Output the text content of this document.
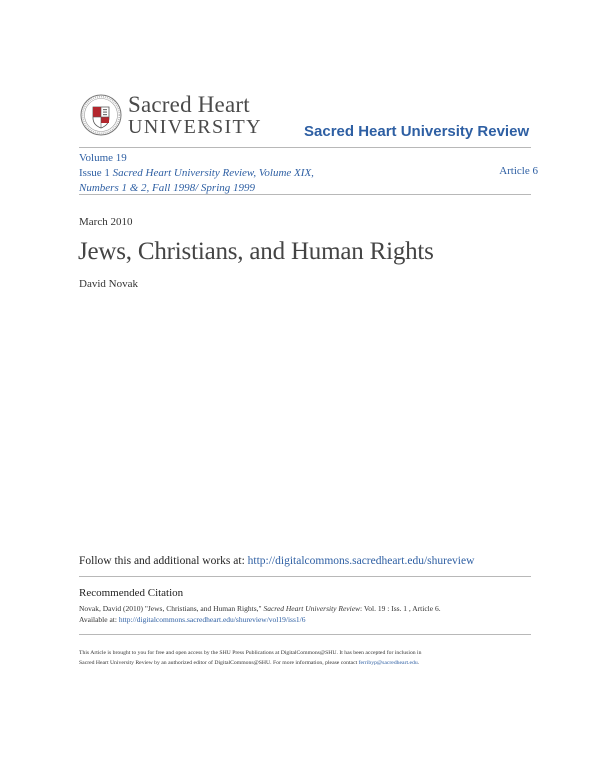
Sacred Heart
UNIVERSITY	Sacred Heart University Review
Volume 19
Issue 1 Sacred Heart University Review, Volume XIX,
Numbers 1 & 2, Fall 1998/ Spring 1999
Article 6
March 2010
Jews, Christians, and Human Rights
David Novak
Follow this and additional works at: http://digitalcommons.sacredheart.edu/shureview
Recommended Citation
Novak, David (2010) "Jews, Christians, and Human Rights," Sacred Heart University Review: Vol. 19 : Iss. 1 , Article 6.
Available at: http://digitalcommons.sacredheart.edu/shureview/vol19/iss1/6
This Article is brought to you for free and open access by the SHU Press Publications at DigitalCommons@SHU. It has been accepted for inclusion in
Sacred Heart University Review by an authorized editor of DigitalCommons@SHU. For more information, please contact ferribyp@sacredheart.edu.
